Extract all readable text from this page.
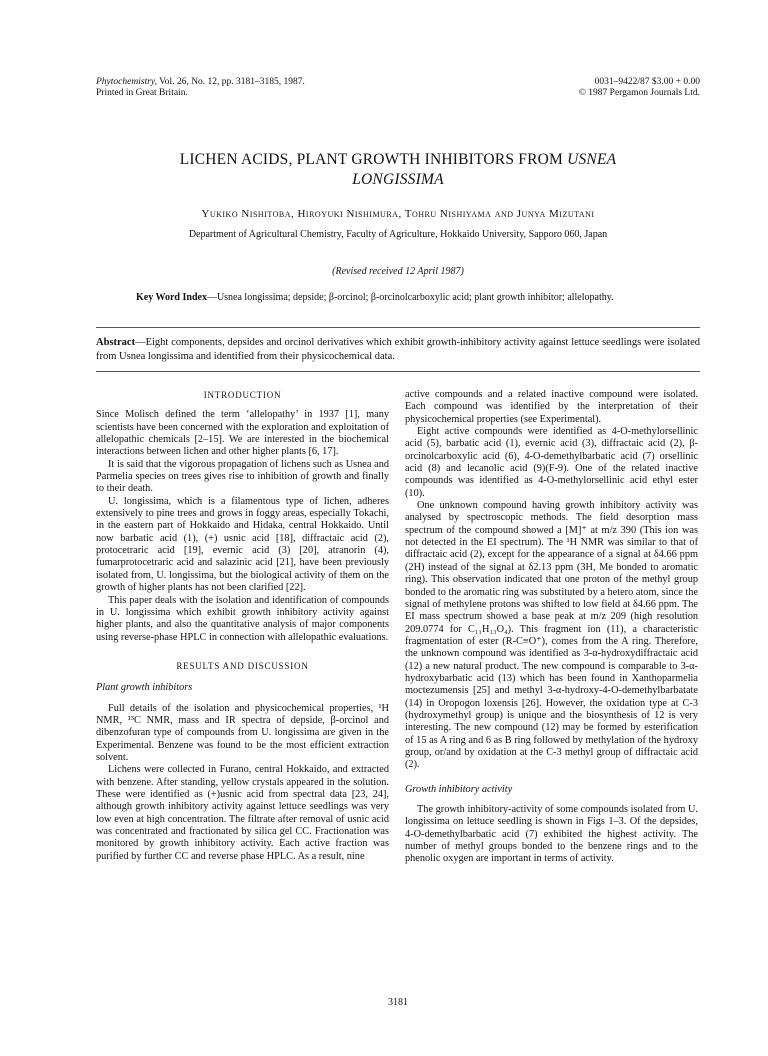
Phytochemistry, Vol. 26, No. 12, pp. 3181–3185, 1987.
Printed in Great Britain.
0031–9422/87 $3.00 + 0.00
© 1987 Pergamon Journals Ltd.
LICHEN ACIDS, PLANT GROWTH INHIBITORS FROM USNEA
LONGISSIMA
Yukiko Nishitoba, Hiroyuki Nishimura, Tohru Nishiyama and Junya Mizutani
Department of Agricultural Chemistry, Faculty of Agriculture, Hokkaido University, Sapporo 060, Japan
(Revised received 12 April 1987)
Key Word Index—Usnea longissima; depside; β-orcinol; β-orcinolcarboxylic acid; plant growth inhibitor; allelopathy.
Abstract—Eight components, depsides and orcinol derivatives which exhibit growth-inhibitory activity against lettuce seedlings were isolated from Usnea longissima and identified from their physicochemical data.

INTRODUCTION

Since Molisch defined the term ‘allelopathy’ in 1937 [1], many scientists have been concerned with the exploration and exploitation of allelopathic chemicals [2–15]. We are interested in the biochemical interactions between lichen and other higher plants [6, 17].

It is said that the vigorous propagation of lichens such as Usnea and Parmelia species on trees gives rise to inhibition of growth and finally to their death.

U. longissima, which is a filamentous type of lichen, adheres extensively to pine trees and grows in foggy areas, especially Tokachi, in the eastern part of Hokkaido and Hidaka, central Hokkaido. Until now barbatic acid (1), (+) usnic acid [18], diffractaic acid (2), protocetraric acid [19], evernic acid (3) [20], atranorin (4), fumarprotocetraric acid and salazinic acid [21], have been previously isolated from, U. longissima, but the biological activity of them on the growth of higher plants has not been clarified [22].

This paper deals with the isolation and identification of compounds in U. longissima which exhibit growth inhibitory activity against higher plants, and also the quantitative analysis of major components using reverse-phase HPLC in connection with allelopathic evaluations.

RESULTS AND DISCUSSION

Plant growth inhibitors

Full details of the isolation and physicochemical properties, ¹H NMR, ¹³C NMR, mass and IR spectra of depside, β-orcinol and dibenzofuran type of compounds from U. longissima are given in the Experimental. Benzene was found to be the most efficient extraction solvent.

Lichens were collected in Furano, central Hokkaido, and extracted with benzene. After standing, yellow crystals appeared in the solution. These were identified as (+)usnic acid from spectral data [23, 24], although growth inhibitory activity against lettuce seedlings was very low even at high concentration. The filtrate after removal of usnic acid was concentrated and fractionated by silica gel CC. Fractionation was monitored by growth inhibitory activity. Each active fraction was purified by further CC and reverse phase HPLC. As a result, nine

active compounds and a related inactive compound were isolated. Each compound was identified by the interpretation of their physicochemical properties (see Experimental).

Eight active compounds were identified as 4-O-methylorsellinic acid (5), barbatic acid (1), evernic acid (3), diffractaic acid (2), β-orcinolcarboxylic acid (6), 4-O-demethylbarbatic acid (7) orsellinic acid (8) and lecanolic acid (9)(F-9). One of the related inactive compounds was identified as 4-O-methylorsellinic acid ethyl ester (10).

One unknown compound having growth inhibitory activity was analysed by spectroscopic methods. The field desorption mass spectrum of the compound showed a [M]⁺ at m/z 390 (This ion was not detected in the EI spectrum). The ¹H NMR was similar to that of diffractaic acid (2), except for the appearance of a signal at δ4.66 ppm (2H) instead of the signal at δ2.13 ppm (3H, Me bonded to aromatic ring). This observation indicated that one proton of the methyl group bonded to the aromatic ring was substituted by a hetero atom, since the signal of methylene protons was shifted to low field at δ4.66 ppm. The EI mass spectrum showed a base peak at m/z 209 (high resolution 209.0774 for C₁₁H₁₃O₄). This fragment ion (11), a characteristic fragmentation of ester (R-C≡O⁺), comes from the A ring. Therefore, the unknown compound was identified as 3-α-hydroxydiffractaic acid (12) a new natural product. The new compound is comparable to 3-α-hydroxybarbatic acid (13) which has been found in Xanthoparmelia moctezumensis [25] and methyl 3-α-hydroxy-4-O-demethylbarbatate (14) in Oropogon loxensis [26]. However, the oxidation type at C-3 (hydroxymethyl group) is unique and the biosynthesis of 12 is very interesting. The new compound (12) may be formed by esterification of 15 as A ring and 6 as B ring followed by methylation of the hydroxy group, or/and by oxidation at the C-3 methyl group of diffractaic acid (2).

Growth inhibitory activity

The growth inhibitory-activity of some compounds isolated from U. longissima on lettuce seedling is shown in Figs 1–3. Of the depsides, 4-O-demethylbarbatic acid (7) exhibited the highest activity. The number of methyl groups bonded to the benzene rings and to the phenolic oxygen are important in terms of activity.

3181
